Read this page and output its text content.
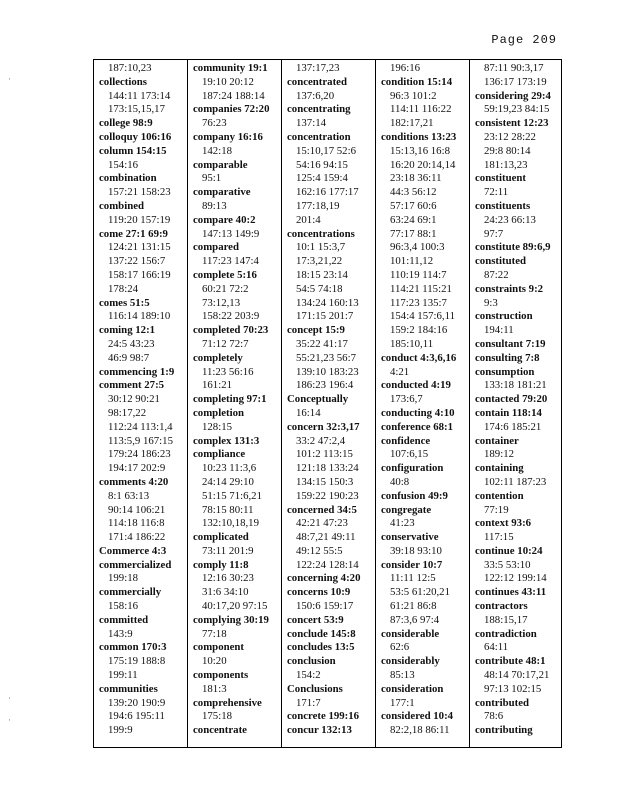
Page 209
·
·
·
187:10,23
collections
144:11 173:14
173:15,15,17
college 98:9
colloquy 106:16
column 154:15
154:16
combination
157:21 158:23
combined
119:20 157:19
come 27:1 69:9
124:21 131:15
137:22 156:7
158:17 166:19
178:24
comes 51:5
116:14 189:10
coming 12:1
24:5 43:23
46:9 98:7
commencing 1:9
comment 27:5
30:12 90:21
98:17,22
112:24 113:1,4
113:5,9 167:15
179:24 186:23
194:17 202:9
comments 4:20
8:1 63:13
90:14 106:21
114:18 116:8
171:4 186:22
Commerce 4:3
commercialized
199:18
commercially
158:16
committed
143:9
common 170:3
175:19 188:8
199:11
communities
139:20 190:9
194:6 195:11
199:9
community 19:1
19:10 20:12
187:24 188:14
companies 72:20
76:23
company 16:16
142:18
comparable
95:1
comparative
89:13
compare 40:2
147:13 149:9
compared
117:23 147:4
complete 5:16
60:21 72:2
73:12,13
158:22 203:9
completed 70:23
71:12 72:7
completely
11:23 56:16
161:21
completing 97:1
completion
128:15
complex 131:3
compliance
10:23 11:3,6
24:14 29:10
51:15 71:6,21
78:15 80:11
132:10,18,19
complicated
73:11 201:9
comply 11:8
12:16 30:23
31:6 34:10
40:17,20 97:15
complying 30:19
77:18
component
10:20
components
181:3
comprehensive
175:18
concentrate
137:17,23
concentrated
137:6,20
concentrating
137:14
concentration
15:10,17 52:6
54:16 94:15
125:4 159:4
162:16 177:17
177:18,19
201:4
concentrations
10:1 15:3,7
17:3,21,22
18:15 23:14
54:5 74:18
134:24 160:13
171:15 201:7
concept 15:9
35:22 41:17
55:21,23 56:7
139:10 183:23
186:23 196:4
Conceptually
16:14
concern 32:3,17
33:2 47:2,4
101:2 113:15
121:18 133:24
134:15 150:3
159:22 190:23
concerned 34:5
42:21 47:23
48:7,21 49:11
49:12 55:5
122:24 128:14
concerning 4:20
concerns 10:9
150:6 159:17
concert 53:9
conclude 145:8
concludes 13:5
conclusion
154:2
Conclusions
171:7
concrete 199:16
concur 132:13
196:16
condition 15:14
96:3 101:2
114:11 116:22
182:17,21
conditions 13:23
15:13,16 16:8
16:20 20:14,14
23:18 36:11
44:3 56:12
57:17 60:6
63:24 69:1
77:17 88:1
96:3,4 100:3
101:11,12
110:19 114:7
114:21 115:21
117:23 135:7
154:4 157:6,11
159:2 184:16
185:10,11
conduct 4:3,6,16
4:21
conducted 4:19
173:6,7
conducting 4:10
conference 68:1
confidence
107:6,15
configuration
40:8
confusion 49:9
congregate
41:23
conservative
39:18 93:10
consider 10:7
11:11 12:5
53:5 61:20,21
61:21 86:8
87:3,6 97:4
considerable
62:6
considerably
85:13
consideration
177:1
considered 10:4
82:2,18 86:11
87:11 90:3,17
136:17 173:19
considering 29:4
59:19,23 84:15
consistent 12:23
23:12 28:22
29:8 80:14
181:13,23
constituent
72:11
constituents
24:23 66:13
97:7
constitute 89:6,9
constituted
87:22
constraints 9:2
9:3
construction
194:11
consultant 7:19
consulting 7:8
consumption
133:18 181:21
contacted 79:20
contain 118:14
174:6 185:21
container
189:12
containing
102:11 187:23
contention
77:19
context 93:6
117:15
continue 10:24
33:5 53:10
122:12 199:14
continues 43:11
contractors
188:15,17
contradiction
64:11
contribute 48:1
48:14 70:17,21
97:13 102:15
contributed
78:6
contributing
